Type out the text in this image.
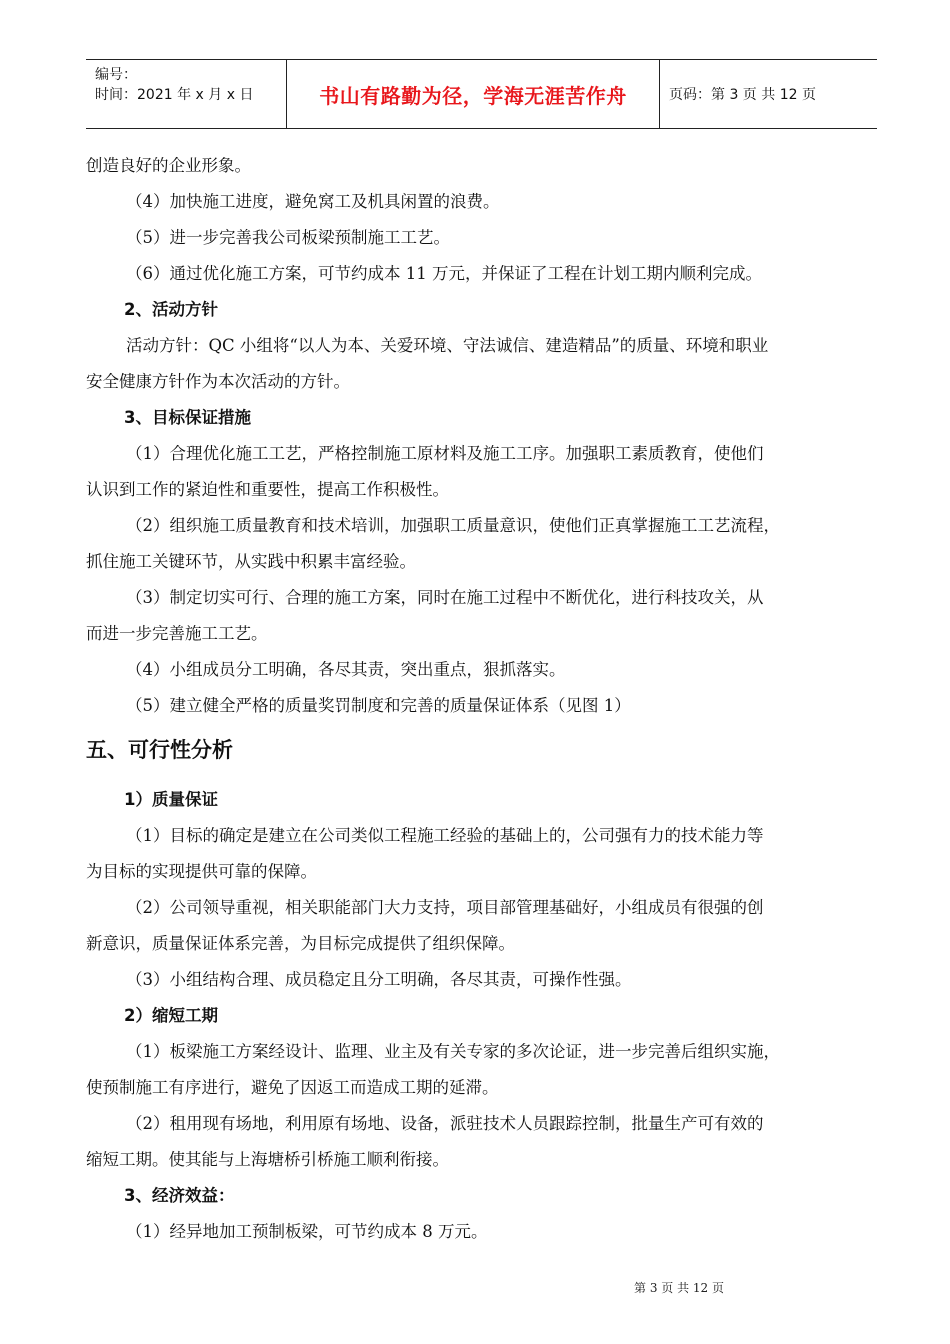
编号：
时间：2021 年 x 月 x 日	书山有路勤为径，学海无涯苦作舟	页码：第 3 页 共 12 页
创造良好的企业形象。
（4）加快施工进度，避免窝工及机具闲置的浪费。
（5）进一步完善我公司板梁预制施工工艺。
（6）通过优化施工方案，可节约成本 11 万元，并保证了工程在计划工期内顺利完成。
2、活动方针
活动方针：QC 小组将“以人为本、关爱环境、守法诚信、建造精品”的质量、环境和职业
安全健康方针作为本次活动的方针。
3、目标保证措施
（1）合理优化施工工艺，严格控制施工原材料及施工工序。加强职工素质教育，使他们
认识到工作的紧迫性和重要性，提高工作积极性。
（2）组织施工质量教育和技术培训，加强职工质量意识，使他们正真掌握施工工艺流程，
抓住施工关键环节，从实践中积累丰富经验。
（3）制定切实可行、合理的施工方案，同时在施工过程中不断优化，进行科技攻关，从
而进一步完善施工工艺。
（4）小组成员分工明确，各尽其责，突出重点，狠抓落实。
（5）建立健全严格的质量奖罚制度和完善的质量保证体系（见图 1）
五、可行性分析
1）质量保证
（1）目标的确定是建立在公司类似工程施工经验的基础上的，公司强有力的技术能力等
为目标的实现提供可靠的保障。
（2）公司领导重视，相关职能部门大力支持，项目部管理基础好，小组成员有很强的创
新意识，质量保证体系完善，为目标完成提供了组织保障。
（3）小组结构合理、成员稳定且分工明确，各尽其责，可操作性强。
2）缩短工期
（1）板梁施工方案经设计、监理、业主及有关专家的多次论证，进一步完善后组织实施，
使预制施工有序进行，避免了因返工而造成工期的延滞。
（2）租用现有场地，利用原有场地、设备，派驻技术人员跟踪控制，批量生产可有效的
缩短工期。使其能与上海塘桥引桥施工顺利衔接。
3、经济效益：
（1）经异地加工预制板梁，可节约成本 8 万元。
第 3 页 共 12 页
